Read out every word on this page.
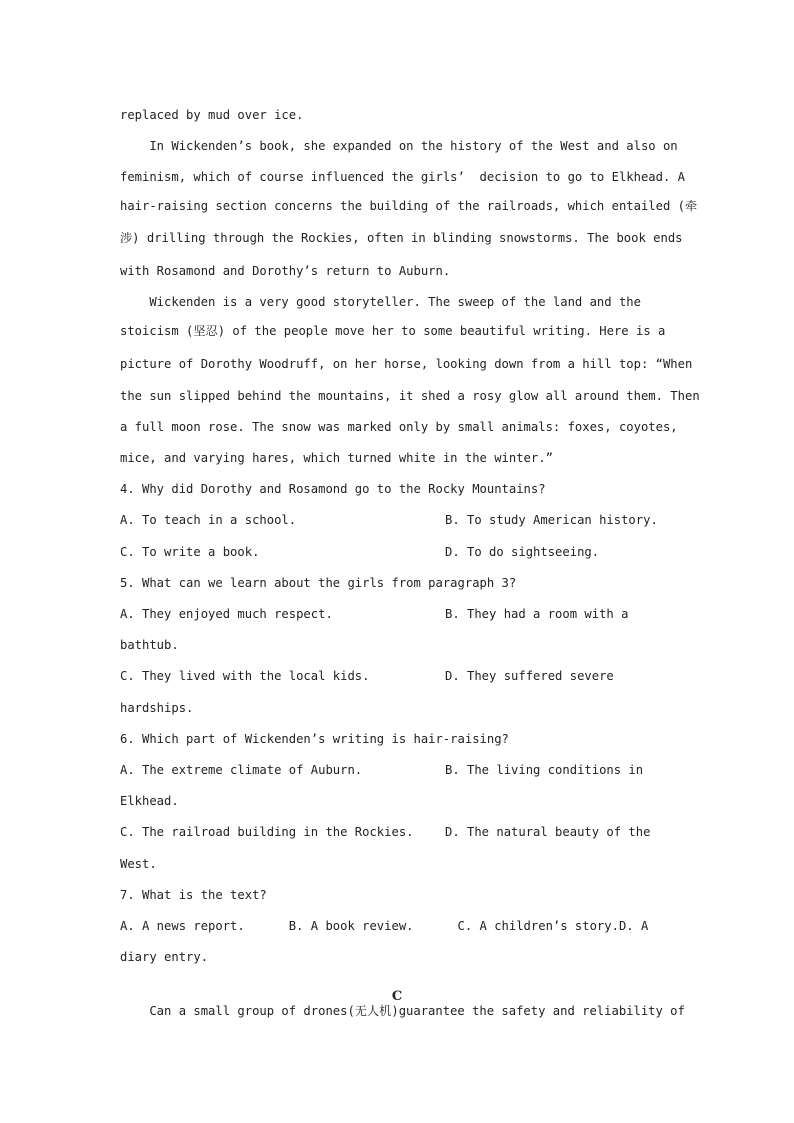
replaced by mud over ice.

In Wickenden’s book, she expanded on the history of the West and also on

feminism, which of course influenced the girls’  decision to go to Elkhead. A

hair-raising section concerns the building of the railroads, which entailed (牵

涉) drilling through the Rockies, often in blinding snowstorms. The book ends

with Rosamond and Dorothy’s return to Auburn.

Wickenden is a very good storyteller. The sweep of the land and the

stoicism (坚忍) of the people move her to some beautiful writing. Here is a

picture of Dorothy Woodruff, on her horse, looking down from a hill top: “When

the sun slipped behind the mountains, it shed a rosy glow all around them. Then

a full moon rose. The snow was marked only by small animals: foxes, coyotes,

mice, and varying hares, which turned white in the winter.”

4. Why did Dorothy and Rosamond go to the Rocky Mountains?

A. To teach in a school.	B. To study American history.

C. To write a book.	D. To do sightseeing.

5. What can we learn about the girls from paragraph 3?

A. They enjoyed much respect.	B. They had a room with a

bathtub.

C. They lived with the local kids.	D. They suffered severe

hardships.

6. Which part of Wickenden’s writing is hair-raising?

A. The extreme climate of Auburn.	B. The living conditions in

Elkhead.

C. The railroad building in the Rockies.	D. The natural beauty of the

West.

7. What is the text?

A. A news report.      B. A book review.      C. A children’s story.D. A

diary entry.

C

Can a small group of drones(无人机)guarantee the safety and reliability of
